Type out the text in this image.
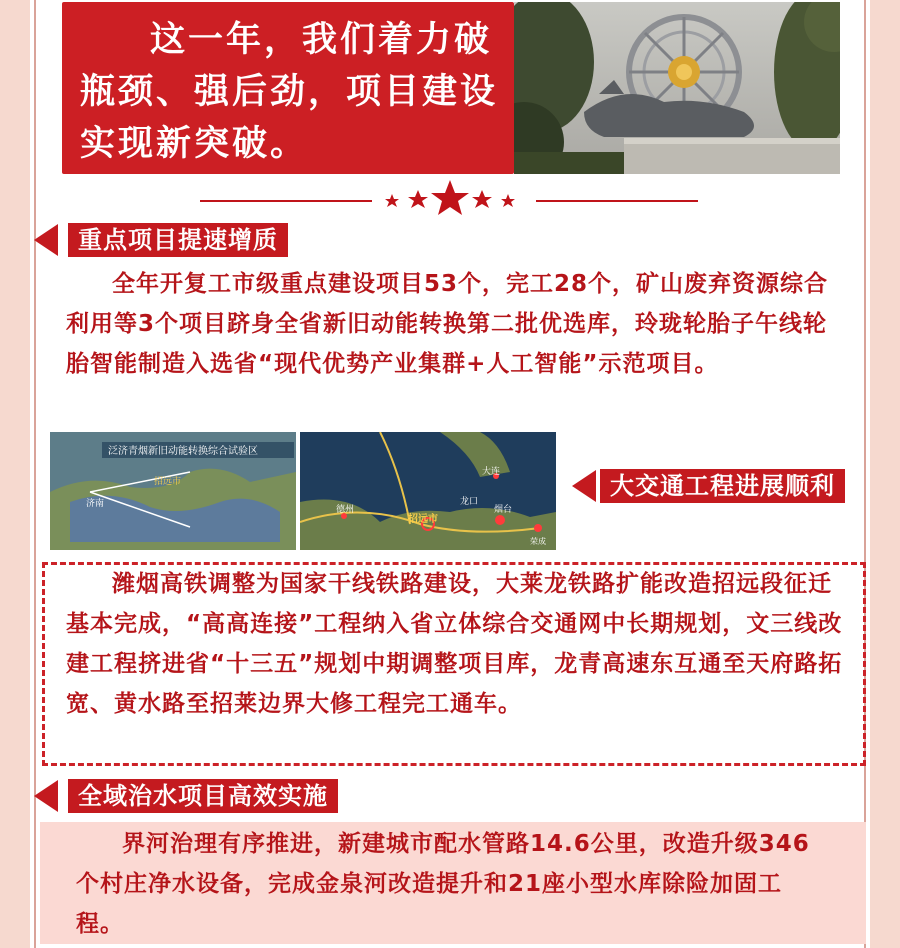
这一年，我们着力破瓶颈、强后劲，项目建设实现新突破。
重点项目提速增质
全年开复工市级重点建设项目53个，完工28个，矿山废弃资源综合利用等3个项目跻身全省新旧动能转换第二批优选库，玲珑轮胎子午线轮胎智能制造入选省“现代优势产业集群+人工智能”示范项目。
泛济青烟新旧动能转换综合试验区
济南
招远市
大连
德州
招远市
龙口
烟台
荣成
大交通工程进展顺利
潍烟高铁调整为国家干线铁路建设，大莱龙铁路扩能改造招远段征迁基本完成，“高高连接”工程纳入省立体综合交通网中长期规划，文三线改建工程挤进省“十三五”规划中期调整项目库，龙青高速东互通至天府路拓宽、黄水路至招莱边界大修工程完工通车。
全域治水项目高效实施
界河治理有序推进，新建城市配水管路14.6公里，改造升级346个村庄净水设备，完成金泉河改造提升和21座小型水库除险加固工程。
